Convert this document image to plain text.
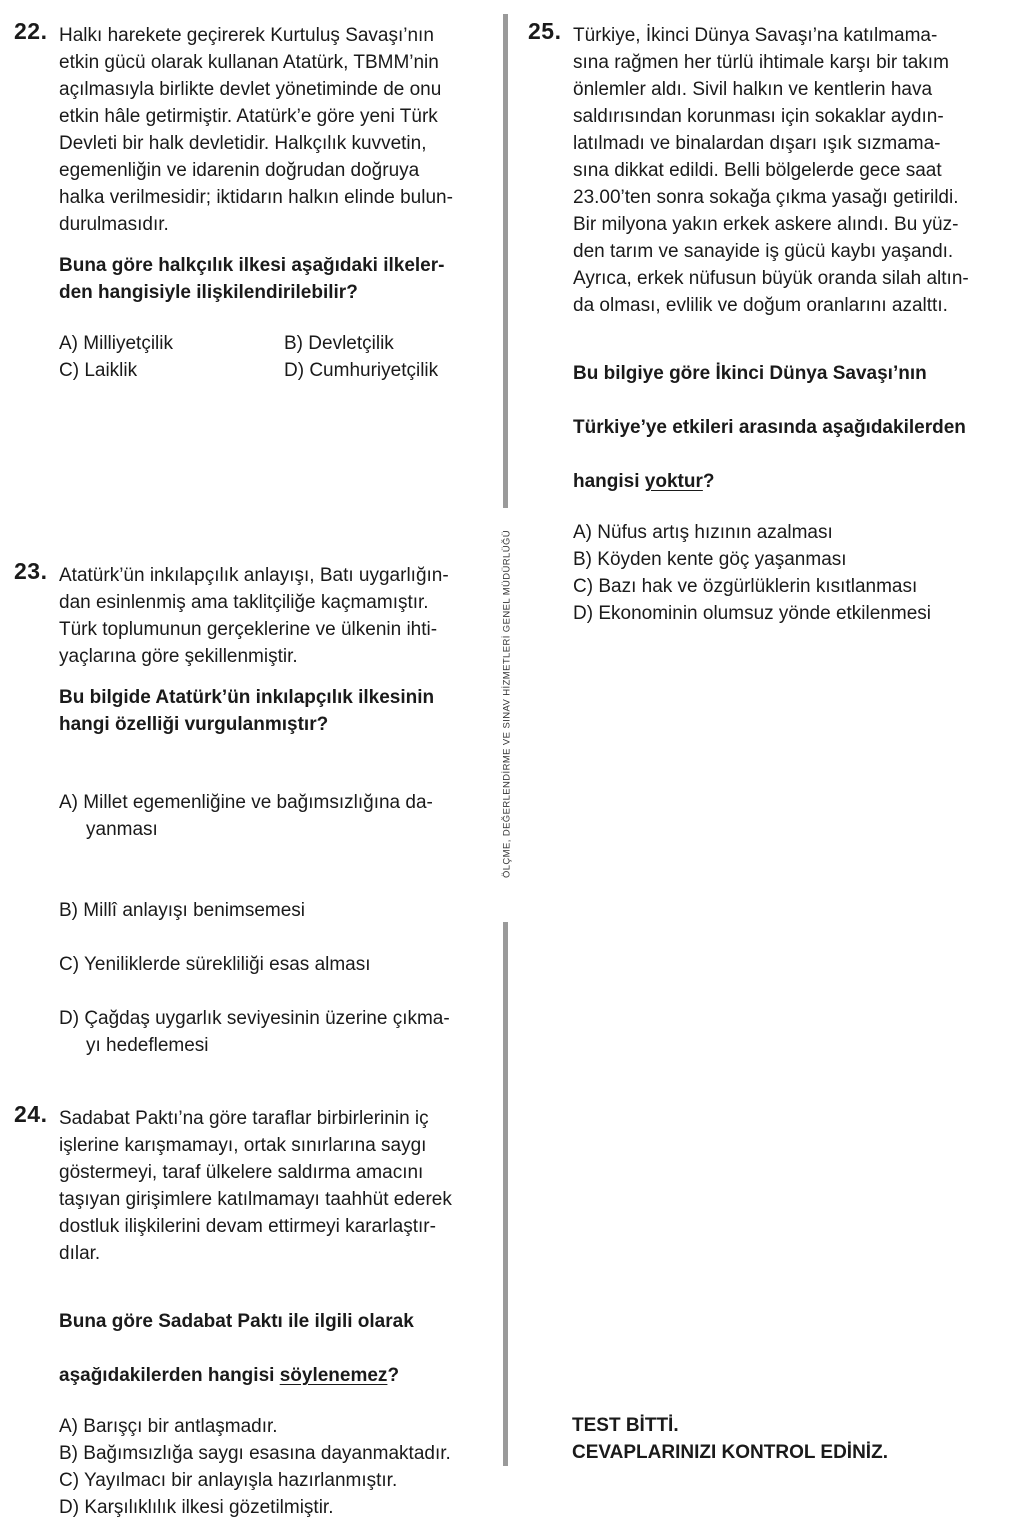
22. Halkı harekete geçirerek Kurtuluş Savaşı’nın
etkin gücü olarak kullanan Atatürk, TBMM’nin
açılmasıyla birlikte devlet yönetiminde de onu
etkin hâle getirmiştir. Atatürk’e göre yeni Türk
Devleti bir halk devletidir. Halkçılık kuvvetin,
egemenliğin ve idarenin doğrudan doğruya
halka verilmesidir; iktidarın halkın elinde bulun-
durulmasıdır.
Buna göre halkçılık ilkesi aşağıdaki ilkeler-
den hangisiyle ilişkilendirilebilir?
A) Milliyetçilik	B) Devletçilik
C) Laiklik	D) Cumhuriyetçilik
23. Atatürk’ün inkılapçılık anlayışı, Batı uygarlığın-
dan esinlenmiş ama taklitçiliğe kaçmamıştır.
Türk toplumunun gerçeklerine ve ülkenin ihti-
yaçlarına göre şekillenmiştir.
Bu bilgide Atatürk’ün inkılapçılık ilkesinin
hangi özelliği vurgulanmıştır?

A) Millet egemenliğine ve bağımsızlığına da-

yanması

B) Millî anlayışı benimsemesi

C) Yeniliklerde sürekliliği esas alması

D) Çağdaş uygarlık seviyesinin üzerine çıkma-

yı hedeflemesi

24. Sadabat Paktı’na göre taraflar birbirlerinin iç
işlerine karışmamayı, ortak sınırlarına saygı
göstermeyi, taraf ülkelere saldırma amacını
taşıyan girişimlere katılmamayı taahhüt ederek
dostluk ilişkilerini devam ettirmeyi kararlaştır-
dılar.

Buna göre Sadabat Paktı ile ilgili olarak

aşağıdakilerden hangisi söylenemez?

A) Barışçı bir antlaşmadır.
B) Bağımsızlığa saygı esasına dayanmaktadır.
C) Yayılmacı bir anlayışla hazırlanmıştır.
D) Karşılıklılık ilkesi gözetilmiştir.
ÖLÇME, DEĞERLENDİRME VE SINAV HİZMETLERİ GENEL MÜDÜRLÜĞÜ
25. Türkiye, İkinci Dünya Savaşı’na katılmama-
sına rağmen her türlü ihtimale karşı bir takım
önlemler aldı. Sivil halkın ve kentlerin hava
saldırısından korunması için sokaklar aydın-
latılmadı ve binalardan dışarı ışık sızmama-
sına dikkat edildi. Belli bölgelerde gece saat
23.00’ten sonra sokağa çıkma yasağı getirildi.
Bir milyona yakın erkek askere alındı. Bu yüz-
den tarım ve sanayide iş gücü kaybı yaşandı.
Ayrıca, erkek nüfusun büyük oranda silah altın-
da olması, evlilik ve doğum oranlarını azalttı.

Bu bilgiye göre İkinci Dünya Savaşı’nın

Türkiye’ye etkileri arasında aşağıdakilerden

hangisi yoktur?

A) Nüfus artış hızının azalması
B) Köyden kente göç yaşanması
C) Bazı hak ve özgürlüklerin kısıtlanması
D) Ekonominin olumsuz yönde etkilenmesi
TEST BİTTİ.
CEVAPLARINIZI KONTROL EDİNİZ.
